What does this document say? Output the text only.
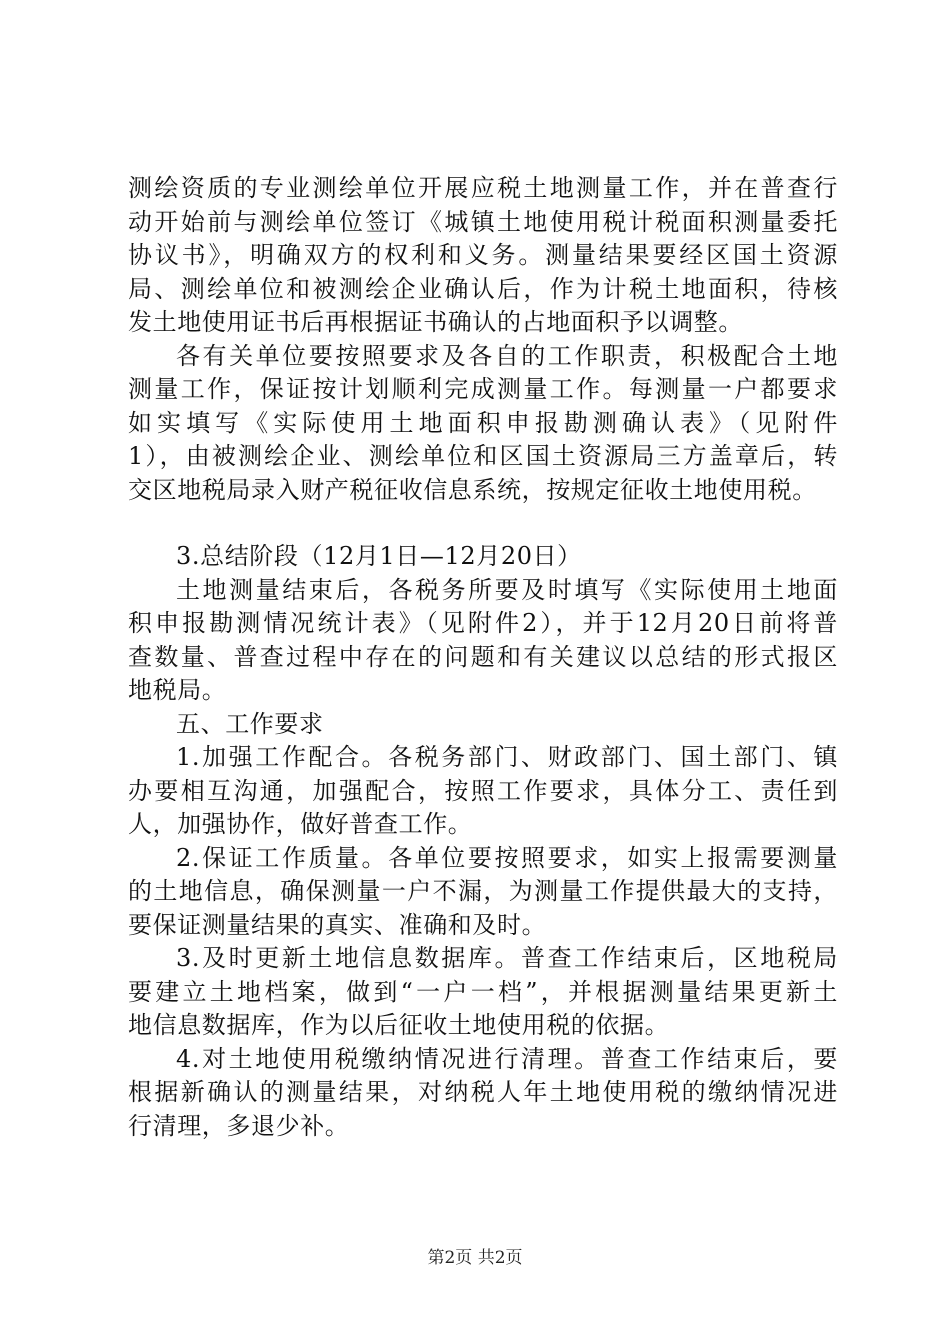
测绘资质的专业测绘单位开展应税土地测量工作，并在普查行
动开始前与测绘单位签订《城镇土地使用税计税面积测量委托
协议书》，明确双方的权利和义务。测量结果要经区国土资源
局、测绘单位和被测绘企业确认后，作为计税土地面积，待核
发土地使用证书后再根据证书确认的占地面积予以调整。
各有关单位要按照要求及各自的工作职责，积极配合土地
测量工作，保证按计划顺利完成测量工作。每测量一户都要求
如实填写《实际使用土地面积申报勘测确认表》（见附件
1），由被测绘企业、测绘单位和区国土资源局三方盖章后，转
交区地税局录入财产税征收信息系统，按规定征收土地使用税。
3.总结阶段（12月1日—12月20日）
土地测量结束后，各税务所要及时填写《实际使用土地面
积申报勘测情况统计表》（见附件2），并于12月20日前将普
查数量、普查过程中存在的问题和有关建议以总结的形式报区
地税局。
五、工作要求
1.加强工作配合。各税务部门、财政部门、国土部门、镇
办要相互沟通，加强配合，按照工作要求，具体分工、责任到
人，加强协作，做好普查工作。
2.保证工作质量。各单位要按照要求，如实上报需要测量
的土地信息，确保测量一户不漏，为测量工作提供最大的支持，
要保证测量结果的真实、准确和及时。
3.及时更新土地信息数据库。普查工作结束后，区地税局
要建立土地档案，做到“一户一档”，并根据测量结果更新土
地信息数据库，作为以后征收土地使用税的依据。
4.对土地使用税缴纳情况进行清理。普查工作结束后，要
根据新确认的测量结果，对纳税人年土地使用税的缴纳情况进
行清理，多退少补。
第2页 共2页
